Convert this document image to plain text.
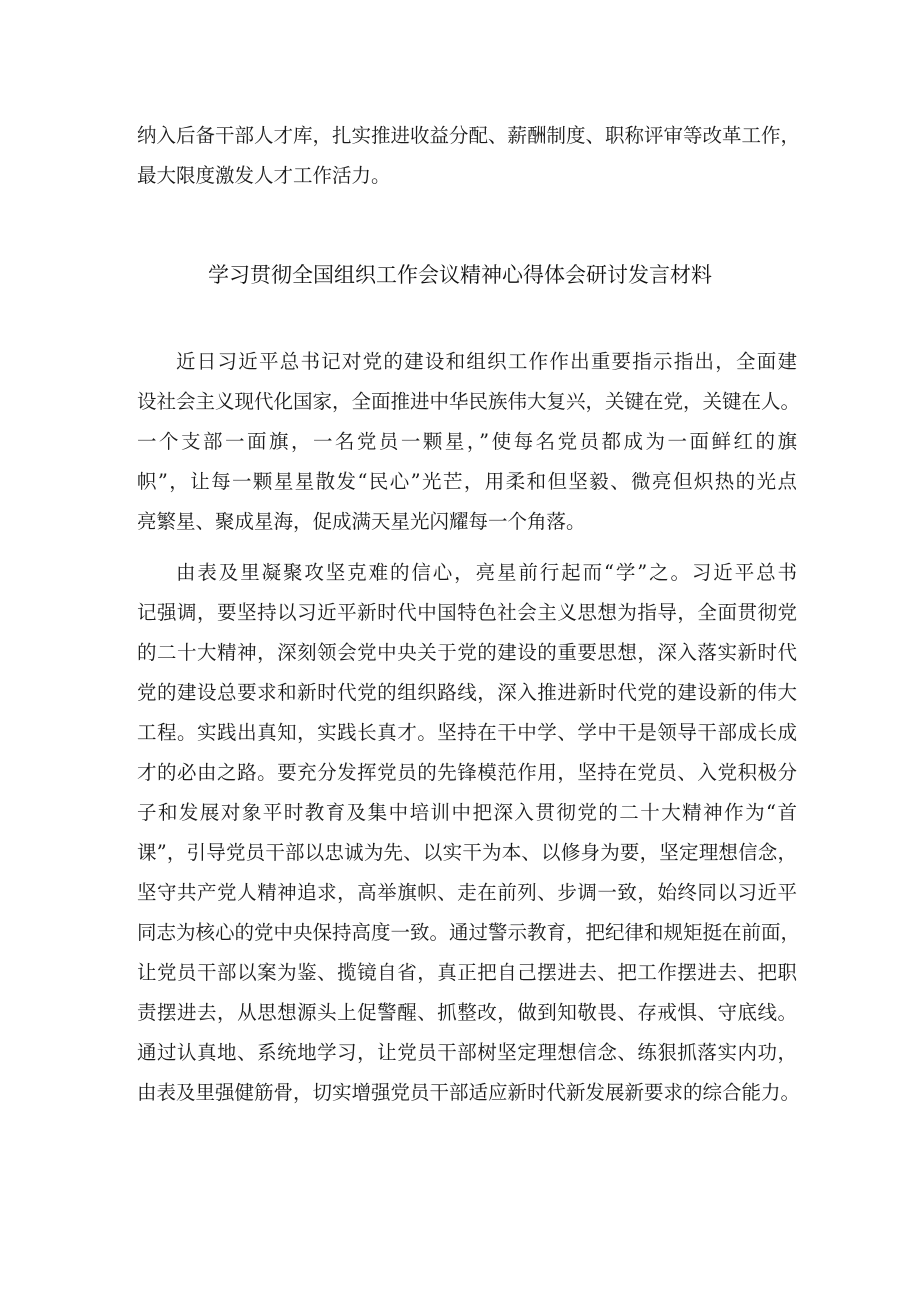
纳入后备干部人才库，扎实推进收益分配、薪酬制度、职称评审等改革工作，
最大限度激发人才工作活力。
学习贯彻全国组织工作会议精神心得体会研讨发言材料
近日习近平总书记对党的建设和组织工作作出重要指示指出，全面建
设社会主义现代化国家，全面推进中华民族伟大复兴，关键在党，关键在人。
一个支部一面旗，一名党员一颗星，”使每名党员都成为一面鲜红的旗
帜”，让每一颗星星散发“民心”光芒，用柔和但坚毅、微亮但炽热的光点
亮繁星、聚成星海，促成满天星光闪耀每一个角落。
由表及里凝聚攻坚克难的信心，亮星前行起而“学”之。习近平总书
记强调，要坚持以习近平新时代中国特色社会主义思想为指导，全面贯彻党
的二十大精神，深刻领会党中央关于党的建设的重要思想，深入落实新时代
党的建设总要求和新时代党的组织路线，深入推进新时代党的建设新的伟大
工程。实践出真知，实践长真才。坚持在干中学、学中干是领导干部成长成
才的必由之路。要充分发挥党员的先锋模范作用，坚持在党员、入党积极分
子和发展对象平时教育及集中培训中把深入贯彻党的二十大精神作为“首
课”，引导党员干部以忠诚为先、以实干为本、以修身为要，坚定理想信念，
坚守共产党人精神追求，高举旗帜、走在前列、步调一致，始终同以习近平
同志为核心的党中央保持高度一致。通过警示教育，把纪律和规矩挺在前面，
让党员干部以案为鉴、揽镜自省，真正把自己摆进去、把工作摆进去、把职
责摆进去，从思想源头上促警醒、抓整改，做到知敬畏、存戒惧、守底线。
通过认真地、系统地学习，让党员干部树坚定理想信念、练狠抓落实内功，
由表及里强健筋骨，切实增强党员干部适应新时代新发展新要求的综合能力。
